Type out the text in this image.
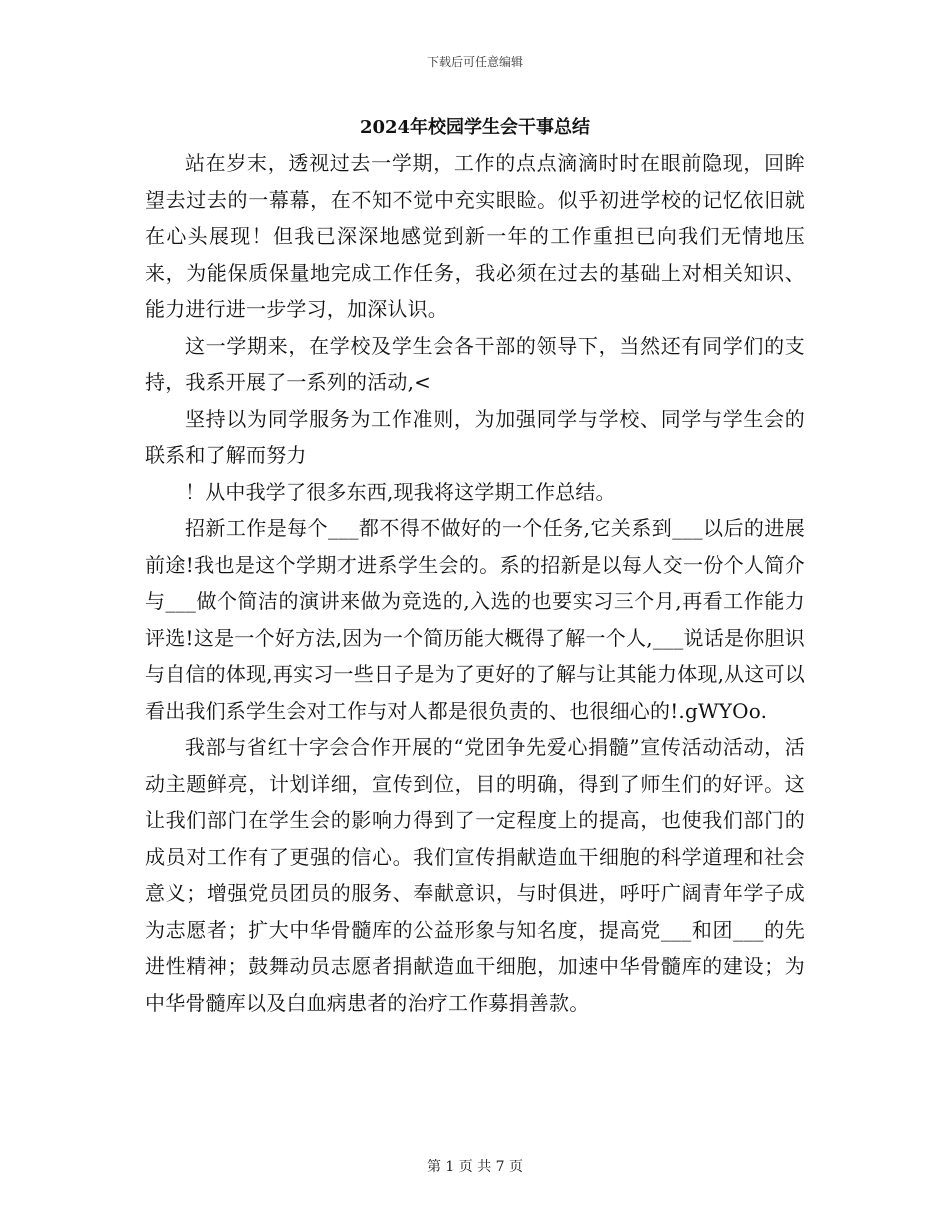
下载后可任意编辑
2024年校园学生会干事总结

站在岁末，透视过去一学期，工作的点点滴滴时时在眼前隐现，回眸望去过去的一幕幕，在不知不觉中充实眼睑。似乎初进学校的记忆依旧就在心头展现！但我已深深地感觉到新一年的工作重担已向我们无情地压来，为能保质保量地完成工作任务，我必须在过去的基础上对相关知识、能力进行进一步学习，加深认识。

这一学期来，在学校及学生会各干部的领导下，当然还有同学们的支持，我系开展了一系列的活动,<

坚持以为同学服务为工作准则，为加强同学与学校、同学与学生会的联系和了解而努力

！从中我学了很多东西,现我将这学期工作总结。

招新工作是每个___都不得不做好的一个任务,它关系到___以后的进展前途!我也是这个学期才进系学生会的。系的招新是以每人交一份个人简介与___做个简洁的演讲来做为竞选的,入选的也要实习三个月,再看工作能力评选!这是一个好方法,因为一个简历能大概得了解一个人,___说话是你胆识与自信的体现,再实习一些日子是为了更好的了解与让其能力体现,从这可以看出我们系学生会对工作与对人都是很负责的、也很细心的!.gWYOo.

我部与省红十字会合作开展的“党团争先爱心捐髓”宣传活动活动，活动主题鲜亮，计划详细，宣传到位，目的明确，得到了师生们的好评。这让我们部门在学生会的影响力得到了一定程度上的提高，也使我们部门的成员对工作有了更强的信心。我们宣传捐献造血干细胞的科学道理和社会意义；增强党员团员的服务、奉献意识，与时俱进，呼吁广阔青年学子成为志愿者；扩大中华骨髓库的公益形象与知名度，提高党___和团___的先进性精神；鼓舞动员志愿者捐献造血干细胞，加速中华骨髓库的建设；为中华骨髓库以及白血病患者的治疗工作募捐善款。

第 1 页 共 7 页
